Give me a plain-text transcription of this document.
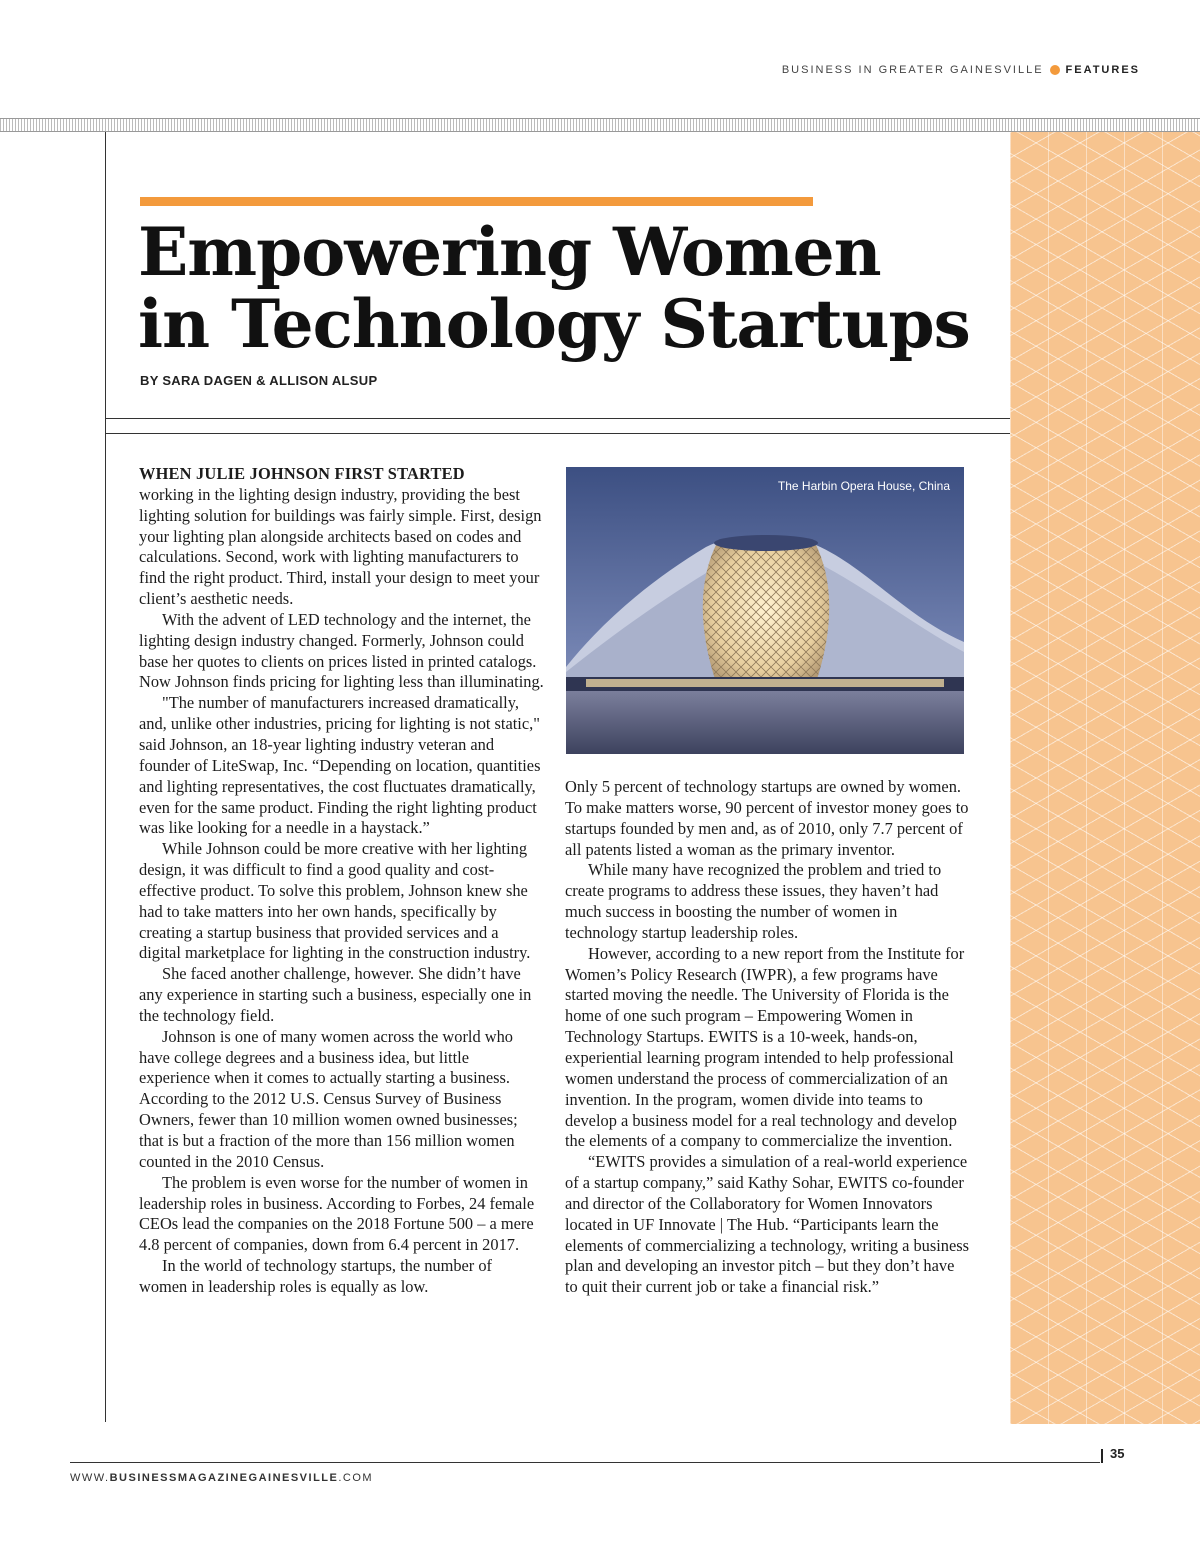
BUSINESS IN GREATER GAINESVILLE FEATURES
Empowering Women
in Technology Startups
BY SARA DAGEN & ALLISON ALSUP

WHEN JULIE JOHNSON FIRST STARTED
working in the lighting design industry, providing the best lighting solution for buildings was fairly simple. First, design your lighting plan alongside architects based on codes and calculations. Second, work with lighting manufacturers to find the right product. Third, install your design to meet your client’s aesthetic needs.

With the advent of LED technology and the internet, the lighting design industry changed. Formerly, Johnson could base her quotes to clients on prices listed in printed catalogs. Now Johnson finds pricing for lighting less than illuminating.

"The number of manufacturers increased dramatically, and, unlike other industries, pricing for lighting is not static," said Johnson, an 18-year lighting industry veteran and founder of LiteSwap, Inc. “Depending on location, quantities and lighting representatives, the cost fluctuates dramatically, even for the same product. Finding the right lighting product was like looking for a needle in a haystack.”

While Johnson could be more creative with her lighting design, it was difficult to find a good quality and cost-effective product. To solve this problem, Johnson knew she had to take matters into her own hands, specifically by creating a startup business that provided services and a digital marketplace for lighting in the construction industry.

She faced another challenge, however. She didn’t have any experience in starting such a business, especially one in the technology field.

Johnson is one of many women across the world who have college degrees and a business idea, but little experience when it comes to actually starting a business. According to the 2012 U.S. Census Survey of Business Owners, fewer than 10 million women owned businesses; that is but a fraction of the more than 156 million women counted in the 2010 Census.

The problem is even worse for the number of women in leadership roles in business. According to Forbes, 24 female CEOs lead the companies on the 2018 Fortune 500 – a mere 4.8 percent of companies, down from 6.4 percent in 2017.

In the world of technology startups, the number of women in leadership roles is equally as low.

The Harbin Opera House, China

Only 5 percent of technology startups are owned by women. To make matters worse, 90 percent of investor money goes to startups founded by men and, as of 2010, only 7.7 percent of all patents listed a woman as the primary inventor.

While many have recognized the problem and tried to create programs to address these issues, they haven’t had much success in boosting the number of women in technology startup leadership roles.

However, according to a new report from the Institute for Women’s Policy Research (IWPR), a few programs have started moving the needle. The University of Florida is the home of one such program – Empowering Women in Technology Startups. EWITS is a 10-week, hands-on, experiential learning program intended to help professional women understand the process of commercialization of an invention. In the program, women divide into teams to develop a business model for a real technology and develop the elements of a company to commercialize the invention.

“EWITS provides a simulation of a real-world experience of a startup company,” said Kathy Sohar, EWITS co-founder and director of the Collaboratory for Women Innovators located in UF Innovate | The Hub. “Participants learn the elements of commercializing a technology, writing a business plan and developing an investor pitch – but they don’t have to quit their current job or take a financial risk.”

35
WWW.BUSINESSMAGAZINEGAINESVILLE.COM
